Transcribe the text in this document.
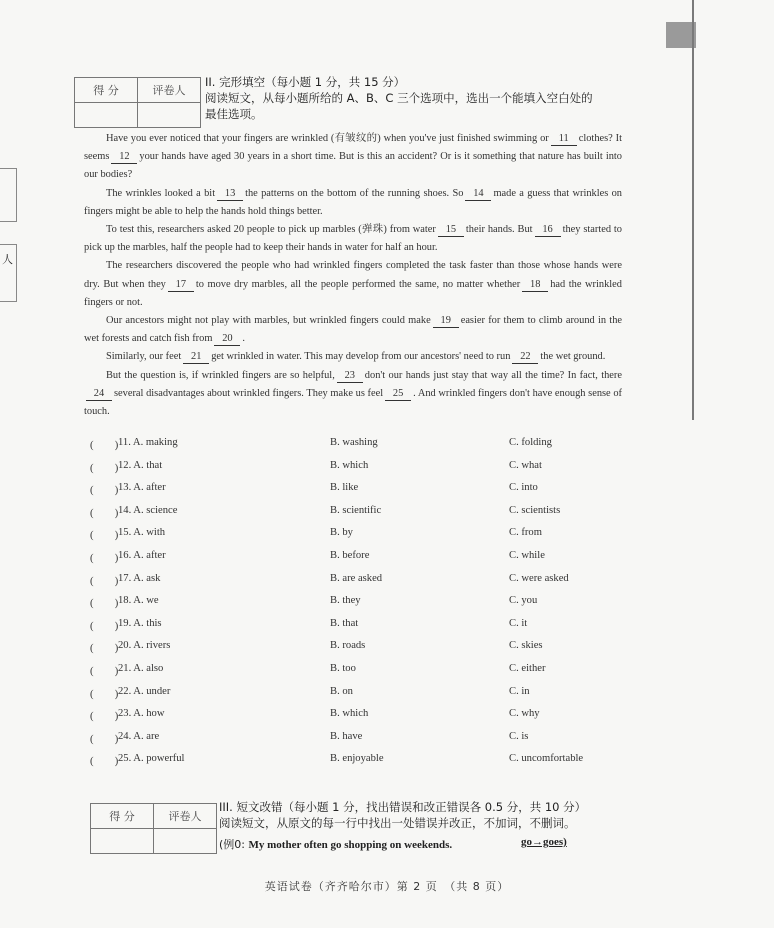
人
得 分	评卷人

II. 完形填空（每小题 1 分，共 15 分）
阅读短文，从每小题所给的 A、B、C 三个选项中，选出一个能填入空白处的
最佳选项。

Have you ever noticed that your fingers are wrinkled (有皱纹的) when you've just finished swimming or 11 clothes? It seems 12 your hands have aged 30 years in a short time. But is this an accident? Or is it something that nature has built into our bodies?

The wrinkles looked a bit 13 the patterns on the bottom of the running shoes. So 14 made a guess that wrinkles on fingers might be able to help the hands hold things better.

To test this, researchers asked 20 people to pick up marbles (弹珠) from water 15 their hands. But 16 they started to pick up the marbles, half the people had to keep their hands in water for half an hour.

The researchers discovered the people who had wrinkled fingers completed the task faster than those whose hands were dry. But when they 17 to move dry marbles, all the people performed the same, no matter whether 18 had the wrinkled fingers or not.

Our ancestors might not play with marbles, but wrinkled fingers could make 19 easier for them to climb around in the wet forests and catch fish from 20 .

Similarly, our feet 21 get wrinkled in water. This may develop from our ancestors' need to run 22 the wet ground.

But the question is, if wrinkled fingers are so helpful, 23 don't our hands just stay that way all the time? In fact, there24 several disadvantages about wrinkled fingers. They make us feel 25 . And wrinkled fingers don't have enough sense of touch.

(　　) 11. A. making	B. washing	C. folding
(　　) 12. A. that	B. which	C. what
(　　) 13. A. after	B. like	C. into
(　　) 14. A. science	B. scientific	C. scientists
(　　) 15. A. with	B. by	C. from
(　　) 16. A. after	B. before	C. while
(　　) 17. A. ask	B. are asked	C. were asked
(　　) 18. A. we	B. they	C. you
(　　) 19. A. this	B. that	C. it
(　　) 20. A. rivers	B. roads	C. skies
(　　) 21. A. also	B. too	C. either
(　　) 22. A. under	B. on	C. in
(　　) 23. A. how	B. which	C. why
(　　) 24. A. are	B. have	C. is
(　　) 25. A. powerful	B. enjoyable	C. uncomfortable
得 分	评卷人

III. 短文改错（每小题 1 分，找出错误和改正错误各 0.5 分，共 10 分）
阅读短文，从原文的每一行中找出一处错误并改正，不加词，不删词。
(例0: My mother often go shopping on weekends.	go→goes)
英语试卷（齐齐哈尔市）第 2 页　（共 8 页）
